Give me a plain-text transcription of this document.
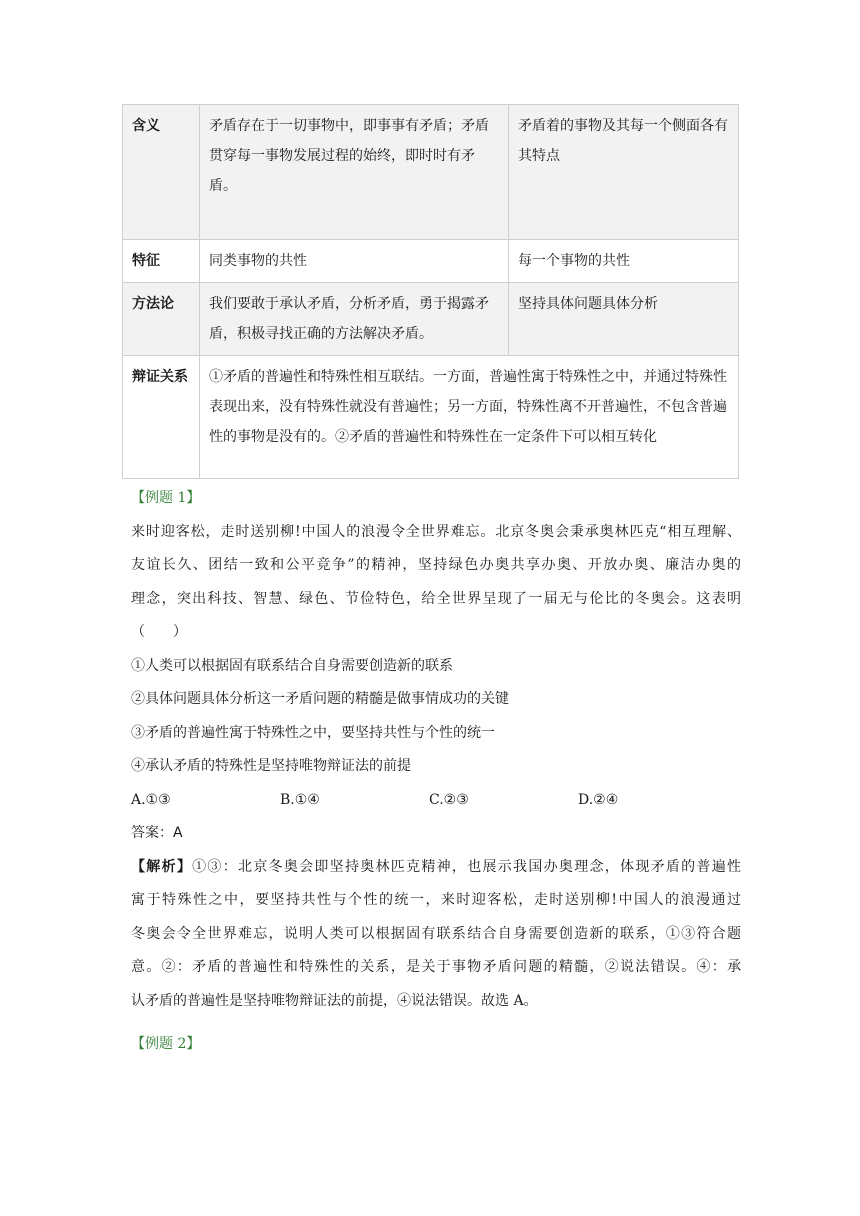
含义	矛盾存在于一切事物中，即事事有矛盾；矛盾贯穿每一事物发展过程的始终，即时时有矛盾。	矛盾着的事物及其每一个侧面各有其特点
特征	同类事物的共性	每一个事物的共性
方法论	我们要敢于承认矛盾，分析矛盾，勇于揭露矛盾，积极寻找正确的方法解决矛盾。	坚持具体问题具体分析
辩证关系	①矛盾的普遍性和特殊性相互联结。一方面，普遍性寓于特殊性之中，并通过特殊性表现出来，没有特殊性就没有普遍性；另一方面，特殊性离不开普遍性，不包含普遍性的事物是没有的。②矛盾的普遍性和特殊性在一定条件下可以相互转化	
【例题 1】
来时迎客松，走时送别柳!中国人的浪漫令全世界难忘。北京冬奥会秉承奥林匹克“相互理解、
友谊长久、团结一致和公平竞争”的精神，坚持绿色办奥共享办奥、开放办奥、廉洁办奥的
理念，突出科技、智慧、绿色、节俭特色，给全世界呈现了一届无与伦比的冬奥会。这表明
（　　）
①人类可以根据固有联系结合自身需要创造新的联系
②具体问题具体分析这一矛盾问题的精髓是做事情成功的关键
③矛盾的普遍性寓于特殊性之中，要坚持共性与个性的统一
④承认矛盾的特殊性是坚持唯物辩证法的前提
A.①③	B.①④	C.②③	D.②④
答案：A
【解析】①③：北京冬奥会即坚持奥林匹克精神，也展示我国办奥理念，体现矛盾的普遍性
寓于特殊性之中，要坚持共性与个性的统一，来时迎客松，走时送别柳!中国人的浪漫通过
冬奥会令全世界难忘，说明人类可以根据固有联系结合自身需要创造新的联系，①③符合题
意。②：矛盾的普遍性和特殊性的关系，是关于事物矛盾问题的精髓，②说法错误。④：承
认矛盾的普遍性是坚持唯物辩证法的前提，④说法错误。故选 A。
【例题 2】
